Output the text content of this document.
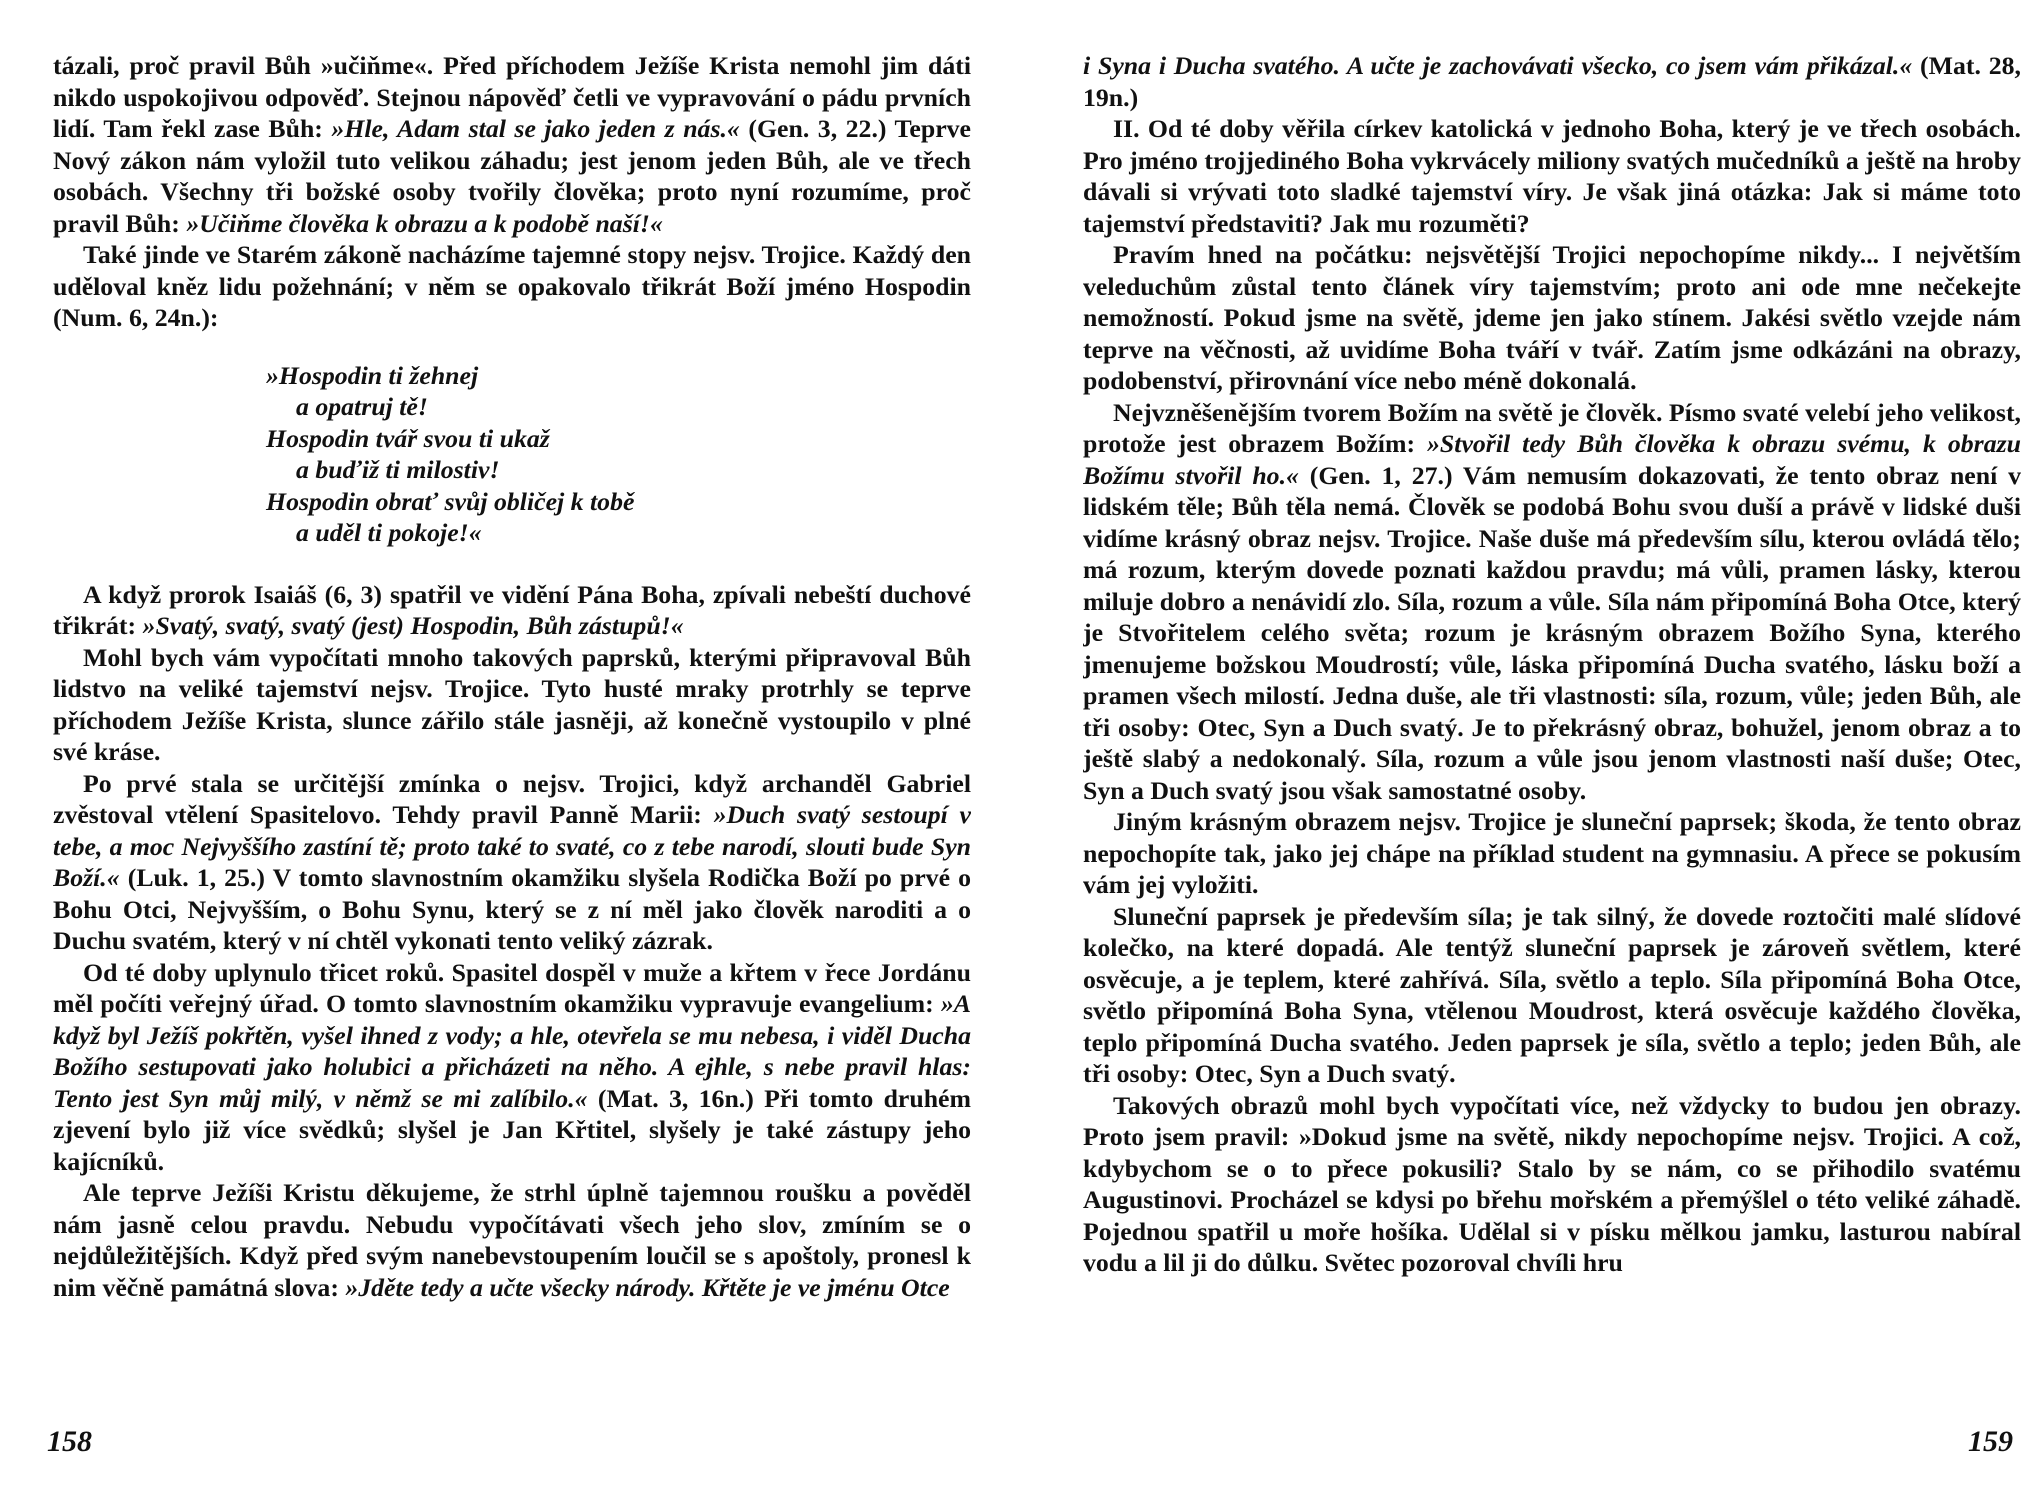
tázali, proč pravil Bůh »učiňme«. Před příchodem Ježíše Krista nemohl jim dáti nikdo uspokojivou odpověď. Stejnou nápověď četli ve vypravování o pádu prvních lidí. Tam řekl zase Bůh: »Hle, Adam stal se jako jeden z nás.« (Gen. 3, 22.) Teprve Nový zákon nám vyložil tuto velikou záhadu; jest jenom jeden Bůh, ale ve třech osobách. Všechny tři božské osoby tvořily člověka; proto nyní rozumíme, proč pravil Bůh: »Učiňme člověka k obrazu a k podobě naší!«

Také jinde ve Starém zákoně nacházíme tajemné stopy nejsv. Trojice. Každý den uděloval kněz lidu požehnání; v něm se opakovalo třikrát Boží jméno Hospodin (Num. 6, 24n.):

»Hospodin ti žehnej
a opatruj tě!
Hospodin tvář svou ti ukaž
a buďiž ti milostiv!
Hospodin obrať svůj obličej k tobě
a uděl ti pokoje!«

A když prorok Isaiáš (6, 3) spatřil ve vidění Pána Boha, zpívali nebeští duchové třikrát: »Svatý, svatý, svatý (jest) Hospodin, Bůh zástupů!«

Mohl bych vám vypočítati mnoho takových paprsků, kterými připravoval Bůh lidstvo na veliké tajemství nejsv. Trojice. Tyto husté mraky protrhly se teprve příchodem Ježíše Krista, slunce zářilo stále jasněji, až konečně vystoupilo v plné své kráse.

Po prvé stala se určitější zmínka o nejsv. Trojici, když archanděl Gabriel zvěstoval vtělení Spasitelovo. Tehdy pravil Panně Marii: »Duch svatý sestoupí v tebe, a moc Nejvyššího zastíní tě; proto také to svaté, co z tebe narodí, slouti bude Syn Boží.« (Luk. 1, 25.) V tomto slavnostním okamžiku slyšela Rodička Boží po prvé o Bohu Otci, Nejvyšším, o Bohu Synu, který se z ní měl jako člověk naroditi a o Duchu svatém, který v ní chtěl vykonati tento veliký zázrak.

Od té doby uplynulo třicet roků. Spasitel dospěl v muže a křtem v řece Jordánu měl počíti veřejný úřad. O tomto slavnostním okamžiku vypravuje evangelium: »A když byl Ježíš pokřtěn, vyšel ihned z vody; a hle, otevřela se mu nebesa, i viděl Ducha Božího sestupovati jako holubici a přicházeti na něho. A ejhle, s nebe pravil hlas: Tento jest Syn můj milý, v němž se mi zalíbilo.« (Mat. 3, 16n.) Při tomto druhém zjevení bylo již více svědků; slyšel je Jan Křtitel, slyšely je také zástupy jeho kajícníků.

Ale teprve Ježíši Kristu děkujeme, že strhl úplně tajemnou roušku a pověděl nám jasně celou pravdu. Nebudu vypočítávati všech jeho slov, zmíním se o nejdůležitějších. Když před svým nanebevstoupením loučil se s apoštoly, pronesl k nim věčně památná slova: »Jděte tedy a učte všecky národy. Křtěte je ve jménu Otce

158

i Syna i Ducha svatého. A učte je zachovávati všecko, co jsem vám přikázal.« (Mat. 28, 19n.)

II. Od té doby věřila církev katolická v jednoho Boha, který je ve třech osobách. Pro jméno trojjediného Boha vykrvácely miliony svatých mučedníků a ještě na hroby dávali si vrývati toto sladké tajemství víry. Je však jiná otázka: Jak si máme toto tajemství představiti? Jak mu rozuměti?

Pravím hned na počátku: nejsvětější Trojici nepochopíme nikdy... I největším veleduchům zůstal tento článek víry tajemstvím; proto ani ode mne nečekejte nemožností. Pokud jsme na světě, jdeme jen jako stínem. Jakési světlo vzejde nám teprve na věčnosti, až uvidíme Boha tváří v tvář. Zatím jsme odkázáni na obrazy, podobenství, přirovnání více nebo méně dokonalá.

Nejvzněšenějším tvorem Božím na světě je člověk. Písmo svaté velebí jeho velikost, protože jest obrazem Božím: »Stvořil tedy Bůh člověka k obrazu svému, k obrazu Božímu stvořil ho.« (Gen. 1, 27.) Vám nemusím dokazovati, že tento obraz není v lidském těle; Bůh těla nemá. Člověk se podobá Bohu svou duší a právě v lidské duši vidíme krásný obraz nejsv. Trojice. Naše duše má především sílu, kterou ovládá tělo; má rozum, kterým dovede poznati každou pravdu; má vůli, pramen lásky, kterou miluje dobro a nenávidí zlo. Síla, rozum a vůle. Síla nám připomíná Boha Otce, který je Stvořitelem celého světa; rozum je krásným obrazem Božího Syna, kterého jmenujeme božskou Moudrostí; vůle, láska připomíná Ducha svatého, lásku boží a pramen všech milostí. Jedna duše, ale tři vlastnosti: síla, rozum, vůle; jeden Bůh, ale tři osoby: Otec, Syn a Duch svatý. Je to překrásný obraz, bohužel, jenom obraz a to ještě slabý a nedokonalý. Síla, rozum a vůle jsou jenom vlastnosti naší duše; Otec, Syn a Duch svatý jsou však samostatné osoby.

Jiným krásným obrazem nejsv. Trojice je sluneční paprsek; škoda, že tento obraz nepochopíte tak, jako jej chápe na příklad student na gymnasiu. A přece se pokusím vám jej vyložiti.

Sluneční paprsek je především síla; je tak silný, že dovede roztočiti malé slídové kolečko, na které dopadá. Ale tentýž sluneční paprsek je zároveň světlem, které osvěcuje, a je teplem, které zahřívá. Síla, světlo a teplo. Síla připomíná Boha Otce, světlo připomíná Boha Syna, vtělenou Moudrost, která osvěcuje každého člověka, teplo připomíná Ducha svatého. Jeden paprsek je síla, světlo a teplo; jeden Bůh, ale tři osoby: Otec, Syn a Duch svatý.

Takových obrazů mohl bych vypočítati více, než vždycky to budou jen obrazy. Proto jsem pravil: »Dokud jsme na světě, nikdy nepochopíme nejsv. Trojici. A což, kdybychom se o to přece pokusili? Stalo by se nám, co se přihodilo svatému Augustinovi. Procházel se kdysi po břehu mořském a přemýšlel o této veliké záhadě. Pojednou spatřil u moře hošíka. Udělal si v písku mělkou jamku, lasturou nabíral vodu a lil ji do důlku. Světec pozoroval chvíli hru

159
